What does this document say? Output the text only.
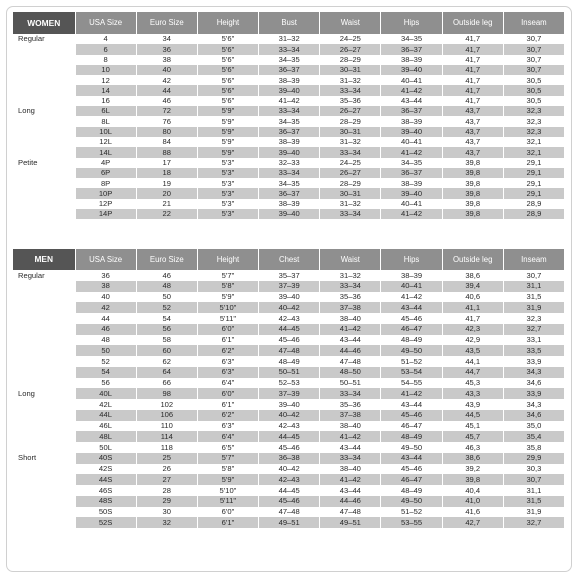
WOMEN	USA Size	Euro Size	Height	Bust	Waist	Hips	Outside leg	Inseam
Regular	4	34	5'6"	31–32	24–25	34–35	41,7	30,7
	6	36	5'6"	33–34	26–27	36–37	41,7	30,7
	8	38	5'6"	34–35	28–29	38–39	41,7	30,7
	10	40	5'6"	36–37	30–31	39–40	41,7	30,7
	12	42	5'6"	38–39	31–32	40–41	41,7	30,5
	14	44	5'6"	39–40	33–34	41–42	41,7	30,5
	16	46	5'6"	41–42	35–36	43–44	41,7	30,5
Long	6L	72	5'9"	33–34	26–27	36–37	43,7	32,3
	8L	76	5'9"	34–35	28–29	38–39	43,7	32,3
	10L	80	5'9"	36–37	30–31	39–40	43,7	32,3
	12L	84	5'9"	38–39	31–32	40–41	43,7	32,1
	14L	88	5'9"	39–40	33–34	41–42	43,7	32,1
Petite	4P	17	5'3"	32–33	24–25	34–35	39,8	29,1
	6P	18	5'3"	33–34	26–27	36–37	39,8	29,1
	8P	19	5'3"	34–35	28–29	38–39	39,8	29,1
	10P	20	5'3"	36–37	30–31	39–40	39,8	29,1
	12P	21	5'3"	38–39	31–32	40–41	39,8	28,9
	14P	22	5'3"	39–40	33–34	41–42	39,8	28,9
MEN	USA Size	Euro Size	Height	Chest	Waist	Hips	Outside leg	Inseam
Regular	36	46	5'7"	35–37	31–32	38–39	38,6	30,7
	38	48	5'8"	37–39	33–34	40–41	39,4	31,1
	40	50	5'9"	39–40	35–36	41–42	40,6	31,5
	42	52	5'10"	40–42	37–38	43–44	41,1	31,9
	44	54	5'11"	42–43	38–40	45–46	41,7	32,3
	46	56	6'0"	44–45	41–42	46–47	42,3	32,7
	48	58	6'1"	45–46	43–44	48–49	42,9	33,1
	50	60	6'2"	47–48	44–46	49–50	43,5	33,5
	52	62	6'3"	48–49	47–48	51–52	44,1	33,9
	54	64	6'3"	50–51	48–50	53–54	44,7	34,3
	56	66	6'4"	52–53	50–51	54–55	45,3	34,6
Long	40L	98	6'0"	37–39	33–34	41–42	43,3	33,9
	42L	102	6'1"	39–40	35–36	43–44	43,9	34,3
	44L	106	6'2"	40–42	37–38	45–46	44,5	34,6
	46L	110	6'3"	42–43	38–40	46–47	45,1	35,0
	48L	114	6'4"	44–45	41–42	48–49	45,7	35,4
	50L	118	6'5"	45–46	43–44	49–50	46,3	35,8
Short	40S	25	5'7"	36–38	33–34	43–44	38,6	29,9
	42S	26	5'8"	40–42	38–40	45–46	39,2	30,3
	44S	27	5'9"	42–43	41–42	46–47	39,8	30,7
	46S	28	5'10"	44–45	43–44	48–49	40,4	31,1
	48S	29	5'11"	45–46	44–46	49–50	41,0	31,5
	50S	30	6'0"	47–48	47–48	51–52	41,6	31,9
	52S	32	6'1"	49–51	49–51	53–55	42,7	32,7
